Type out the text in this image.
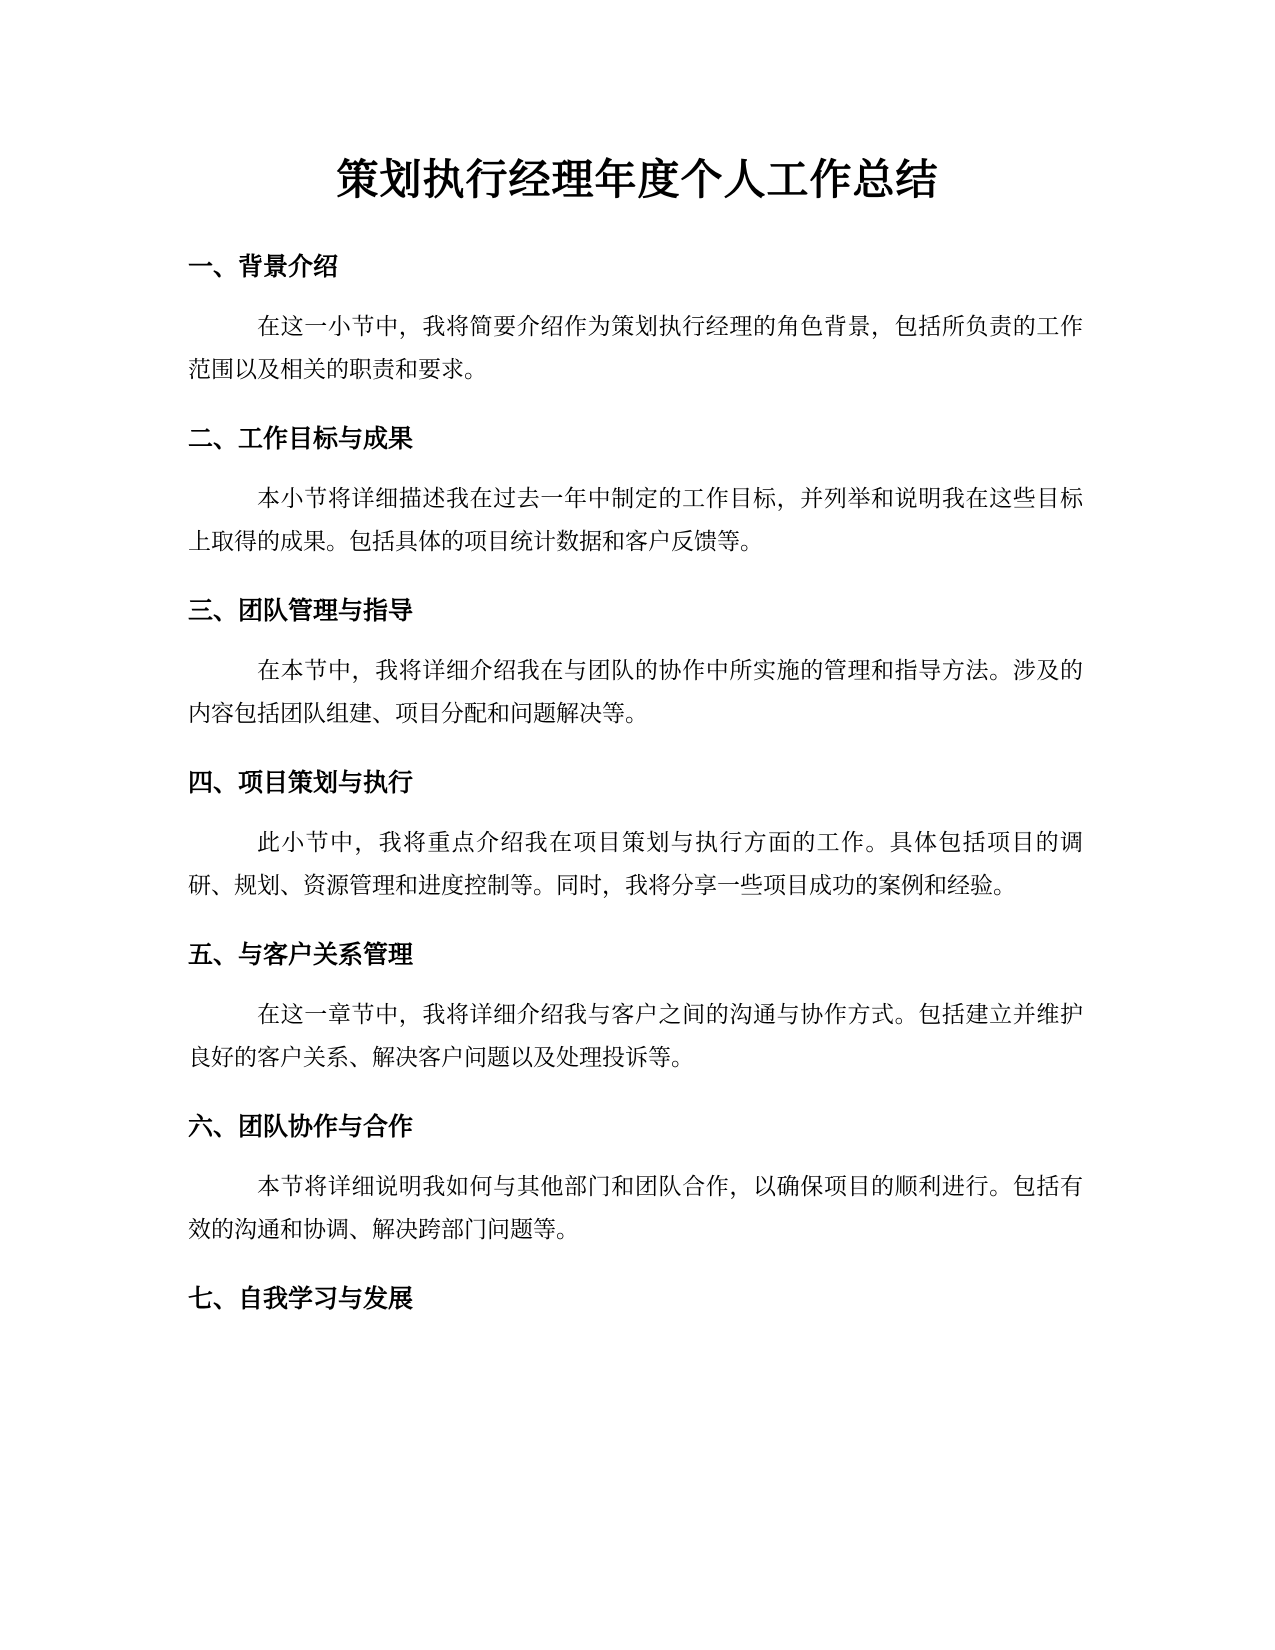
策划执行经理年度个人工作总结
一、背景介绍

在这一小节中，我将简要介绍作为策划执行经理的角色背景，包括所负责的工作范围以及相关的职责和要求。

二、工作目标与成果

本小节将详细描述我在过去一年中制定的工作目标，并列举和说明我在这些目标上取得的成果。包括具体的项目统计数据和客户反馈等。

三、团队管理与指导

在本节中，我将详细介绍我在与团队的协作中所实施的管理和指导方法。涉及的内容包括团队组建、项目分配和问题解决等。

四、项目策划与执行

此小节中，我将重点介绍我在项目策划与执行方面的工作。具体包括项目的调研、规划、资源管理和进度控制等。同时，我将分享一些项目成功的案例和经验。

五、与客户关系管理

在这一章节中，我将详细介绍我与客户之间的沟通与协作方式。包括建立并维护良好的客户关系、解决客户问题以及处理投诉等。

六、团队协作与合作

本节将详细说明我如何与其他部门和团队合作，以确保项目的顺利进行。包括有效的沟通和协调、解决跨部门问题等。

七、自我学习与发展
